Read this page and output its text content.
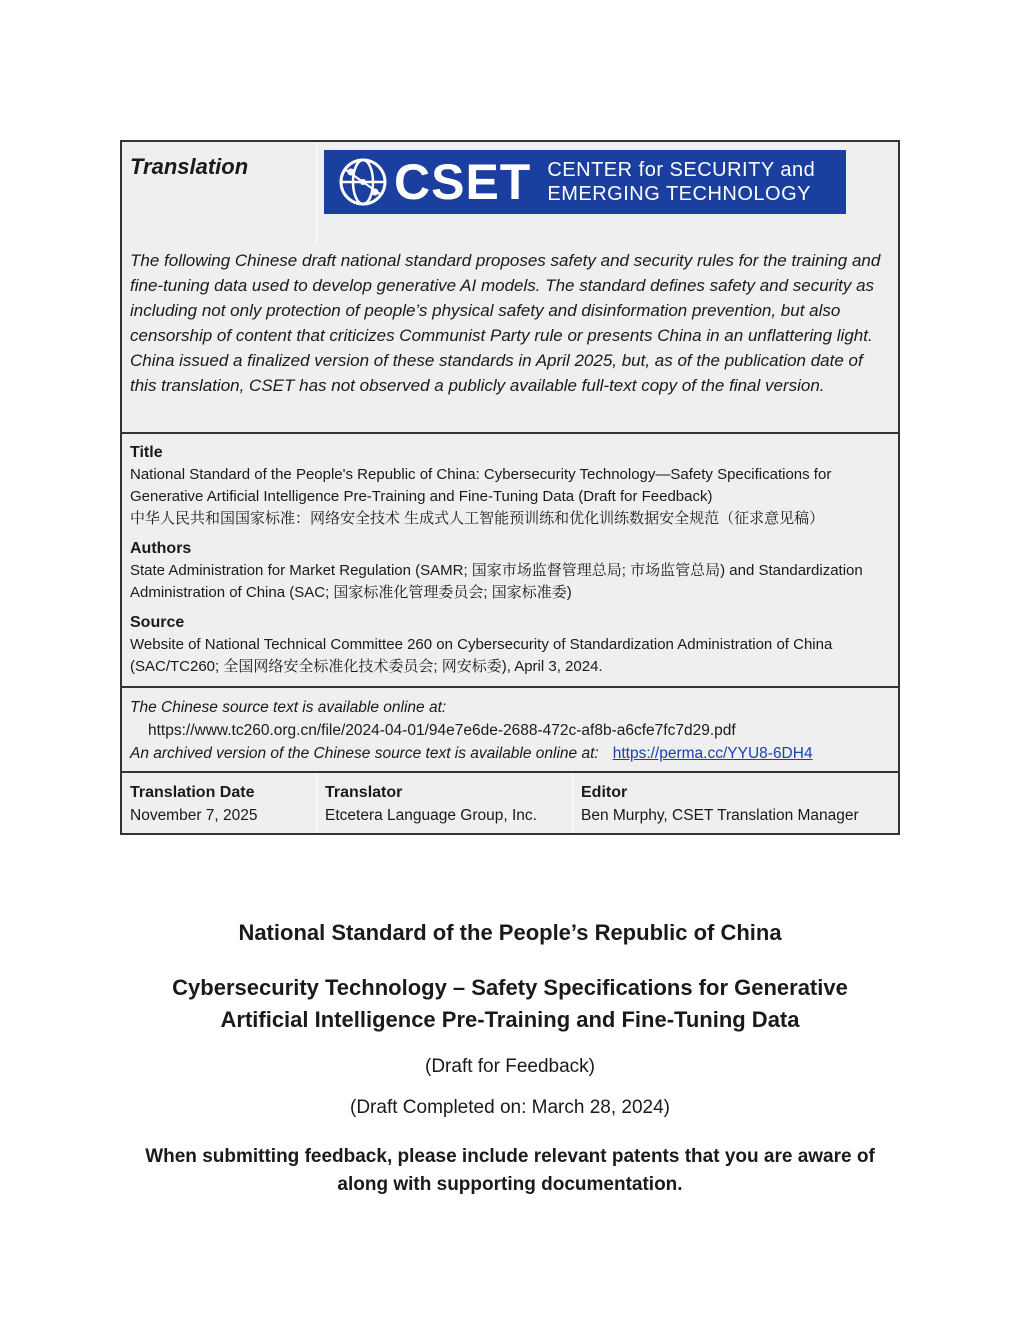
Translation	CSET CENTER for SECURITY and
EMERGING TECHNOLOGY
The following Chinese draft national standard proposes safety and security rules for the training and fine-tuning data used to develop generative AI models. The standard defines safety and security as including not only protection of people’s physical safety and disinformation prevention, but also censorship of content that criticizes Communist Party rule or presents China in an unflattering light. China issued a finalized version of these standards in April 2025, but, as of the publication date of this translation, CSET has not observed a publicly available full-text copy of the final version.
Title
National Standard of the People's Republic of China: Cybersecurity Technology—Safety Specifications for Generative Artificial Intelligence Pre-Training and Fine-Tuning Data (Draft for Feedback)
中华人民共和国国家标准：网络安全技术 生成式人工智能预训练和优化训练数据安全规范（征求意见稿）
Authors
State Administration for Market Regulation (SAMR; 国家市场监督管理总局; 市场监管总局) and Standardization Administration of China (SAC; 国家标准化管理委员会; 国家标准委)
Source
Website of National Technical Committee 260 on Cybersecurity of Standardization Administration of China (SAC/TC260; 全国网络安全标准化技术委员会; 网安标委), April 3, 2024.
The Chinese source text is available online at:
https://www.tc260.org.cn/file/2024-04-01/94e7e6de-2688-472c-af8b-a6cfe7fc7d29.pdf
An archived version of the Chinese source text is available online at: https://perma.cc/YYU8-6DH4
Translation Date
November 7, 2025
Translator
Etcetera Language Group, Inc.
Editor
Ben Murphy, CSET Translation Manager
National Standard of the People’s Republic of China
Cybersecurity Technology – Safety Specifications for Generative Artificial Intelligence Pre-Training and Fine-Tuning Data
(Draft for Feedback)
(Draft Completed on: March 28, 2024)
When submitting feedback, please include relevant patents that you are aware of along with supporting documentation.
